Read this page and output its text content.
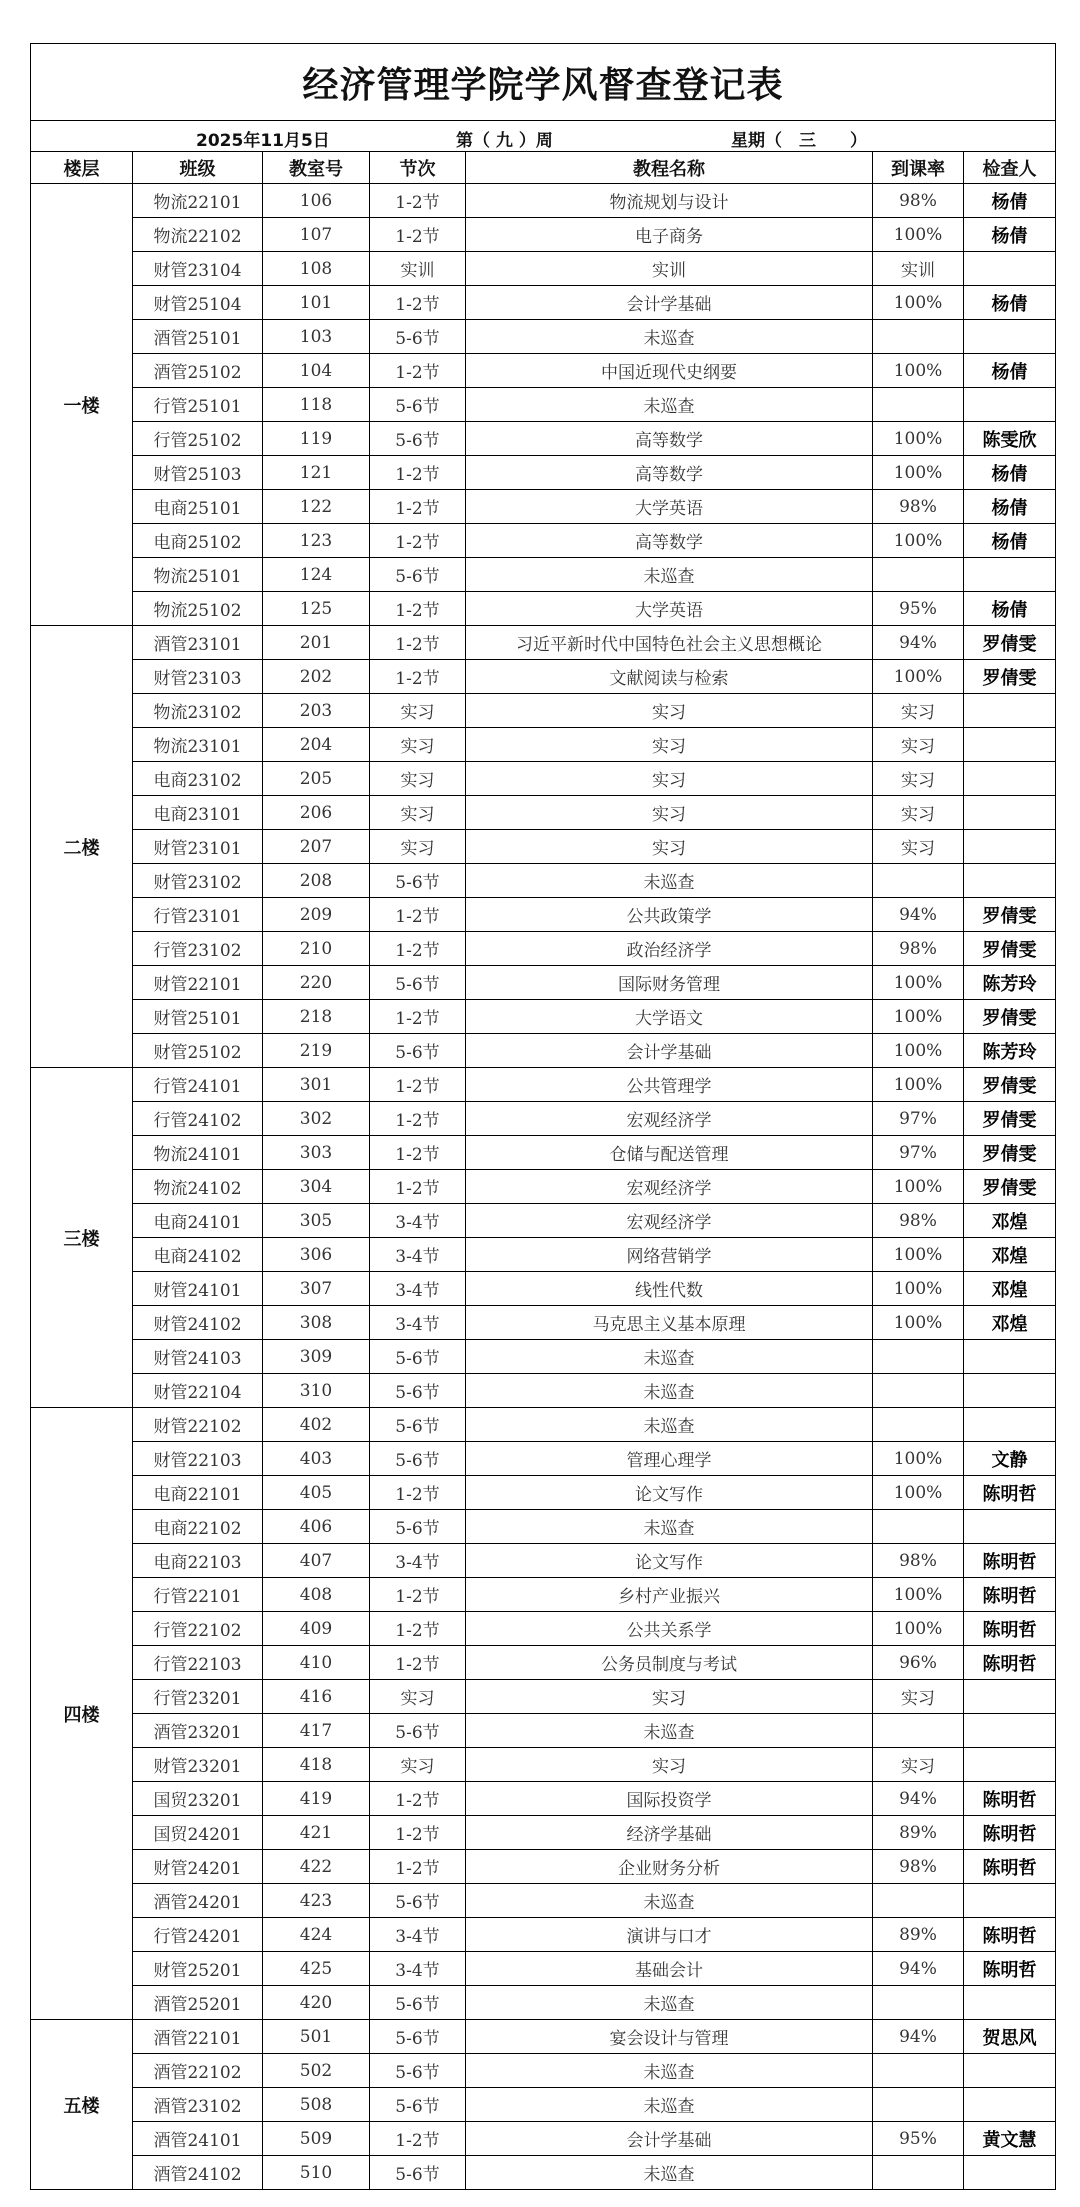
经济管理学院学风督查登记表						

2025年11月5日 第（ 九 ）周 星期（　三　　）						

楼层	班级	教室号	节次	教程名称	到课率	检查人
一楼	物流22101	106	1-2节	物流规划与设计	98%	杨倩
	物流22102	107	1-2节	电子商务	100%	杨倩
	财管23104	108	实训	实训	实训	
	财管25104	101	1-2节	会计学基础	100%	杨倩
	酒管25101	103	5-6节	未巡查		
	酒管25102	104	1-2节	中国近现代史纲要	100%	杨倩
	行管25101	118	5-6节	未巡查		
	行管25102	119	5-6节	高等数学	100%	陈雯欣
	财管25103	121	1-2节	高等数学	100%	杨倩
	电商25101	122	1-2节	大学英语	98%	杨倩
	电商25102	123	1-2节	高等数学	100%	杨倩
	物流25101	124	5-6节	未巡查		
	物流25102	125	1-2节	大学英语	95%	杨倩
二楼	酒管23101	201	1-2节	习近平新时代中国特色社会主义思想概论	94%	罗倩雯
	财管23103	202	1-2节	文献阅读与检索	100%	罗倩雯
	物流23102	203	实习	实习	实习	
	物流23101	204	实习	实习	实习	
	电商23102	205	实习	实习	实习	
	电商23101	206	实习	实习	实习	
	财管23101	207	实习	实习	实习	
	财管23102	208	5-6节	未巡查		
	行管23101	209	1-2节	公共政策学	94%	罗倩雯
	行管23102	210	1-2节	政治经济学	98%	罗倩雯
	财管22101	220	5-6节	国际财务管理	100%	陈芳玲
	财管25101	218	1-2节	大学语文	100%	罗倩雯
	财管25102	219	5-6节	会计学基础	100%	陈芳玲
三楼	行管24101	301	1-2节	公共管理学	100%	罗倩雯
	行管24102	302	1-2节	宏观经济学	97%	罗倩雯
	物流24101	303	1-2节	仓储与配送管理	97%	罗倩雯
	物流24102	304	1-2节	宏观经济学	100%	罗倩雯
	电商24101	305	3-4节	宏观经济学	98%	邓煌
	电商24102	306	3-4节	网络营销学	100%	邓煌
	财管24101	307	3-4节	线性代数	100%	邓煌
	财管24102	308	3-4节	马克思主义基本原理	100%	邓煌
	财管24103	309	5-6节	未巡查		
	财管22104	310	5-6节	未巡查		
四楼	财管22102	402	5-6节	未巡查		
	财管22103	403	5-6节	管理心理学	100%	文静
	电商22101	405	1-2节	论文写作	100%	陈明哲
	电商22102	406	5-6节	未巡查		
	电商22103	407	3-4节	论文写作	98%	陈明哲
	行管22101	408	1-2节	乡村产业振兴	100%	陈明哲
	行管22102	409	1-2节	公共关系学	100%	陈明哲
	行管22103	410	1-2节	公务员制度与考试	96%	陈明哲
	行管23201	416	实习	实习	实习	
	酒管23201	417	5-6节	未巡查		
	财管23201	418	实习	实习	实习	
	国贸23201	419	1-2节	国际投资学	94%	陈明哲
	国贸24201	421	1-2节	经济学基础	89%	陈明哲
	财管24201	422	1-2节	企业财务分析	98%	陈明哲
	酒管24201	423	5-6节	未巡查		
	行管24201	424	3-4节	演讲与口才	89%	陈明哲
	财管25201	425	3-4节	基础会计	94%	陈明哲
	酒管25201	420	5-6节	未巡查		
五楼	酒管22101	501	5-6节	宴会设计与管理	94%	贺思风
	酒管22102	502	5-6节	未巡查		
	酒管23102	508	5-6节	未巡查		
	酒管24101	509	1-2节	会计学基础	95%	黄文慧
	酒管24102	510	5-6节	未巡查		
